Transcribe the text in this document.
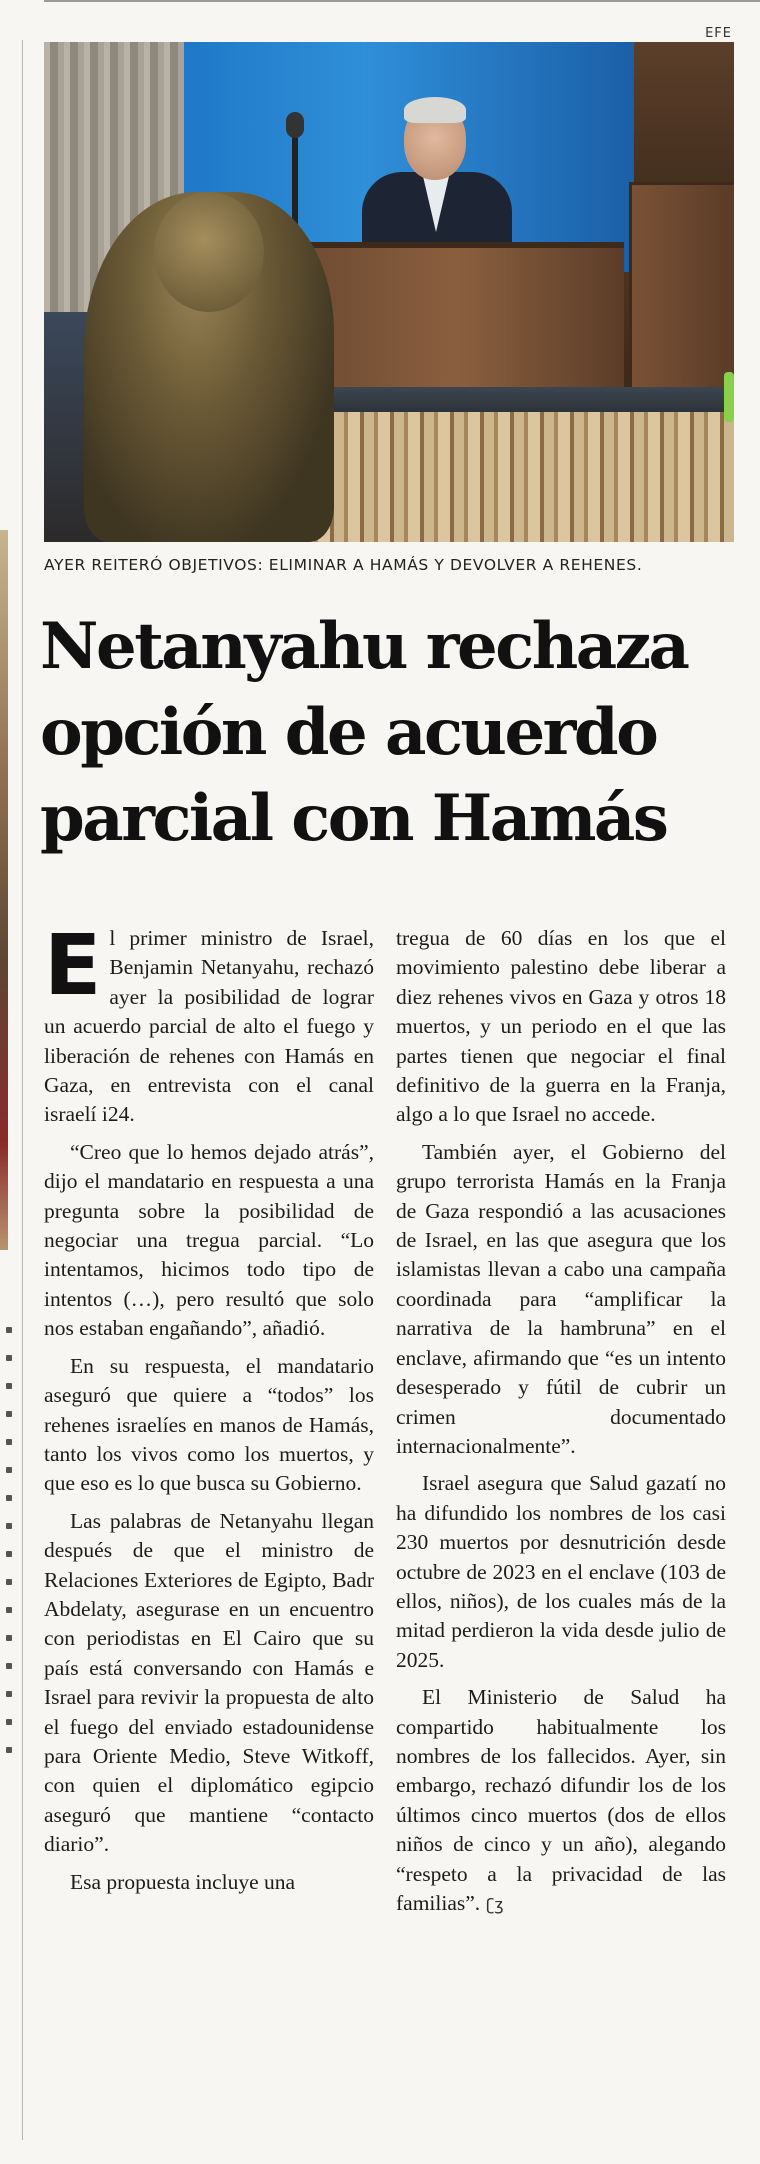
EFE
AYER REITERÓ OBJETIVOS: ELIMINAR A HAMÁS Y DEVOLVER A REHENES.
Netanyahu rechaza opción de acuerdo parcial con Hamás

El primer ministro de Israel, Benjamin Netanyahu, rechazó ayer la posibilidad de lograr un acuerdo parcial de alto el fuego y liberación de rehenes con Hamás en Gaza, en entrevista con el canal israelí i24.

“Creo que lo hemos dejado atrás”, dijo el mandatario en respuesta a una pregunta sobre la posibilidad de negociar una tregua parcial. “Lo intentamos, hicimos todo tipo de intentos (…), pero resultó que solo nos estaban engañando”, añadió.

En su respuesta, el mandatario aseguró que quiere a “todos” los rehenes israelíes en manos de Hamás, tanto los vivos como los muertos, y que eso es lo que busca su Gobierno.

Las palabras de Netanyahu llegan después de que el ministro de Relaciones Exteriores de Egipto, Badr Abdelaty, asegurase en un encuentro con periodistas en El Cairo que su país está conversando con Hamás e Israel para revivir la propuesta de alto el fuego del enviado estadounidense para Oriente Medio, Steve Witkoff, con quien el diplomático egipcio aseguró que mantiene “contacto diario”.

Esa propuesta incluye una

tregua de 60 días en los que el movimiento palestino debe liberar a diez rehenes vivos en Gaza y otros 18 muertos, y un periodo en el que las partes tienen que negociar el final definitivo de la guerra en la Franja, algo a lo que Israel no accede.

También ayer, el Gobierno del grupo terrorista Hamás en la Franja de Gaza respondió a las acusaciones de Israel, en las que asegura que los islamistas llevan a cabo una campaña coordinada para “amplificar la narrativa de la hambruna” en el enclave, afirmando que “es un intento desesperado y fútil de cubrir un crimen documentado internacionalmente”.

Israel asegura que Salud gazatí no ha difundido los nombres de los casi 230 muertos por desnutrición desde octubre de 2023 en el enclave (103 de ellos, niños), de los cuales más de la mitad perdieron la vida desde julio de 2025.

El Ministerio de Salud ha compartido habitualmente los nombres de los fallecidos. Ayer, sin embargo, rechazó difundir los de los últimos cinco muertos (dos de ellos niños de cinco y un año), alegando “respeto a la privacidad de las familias”. ʗʒ
